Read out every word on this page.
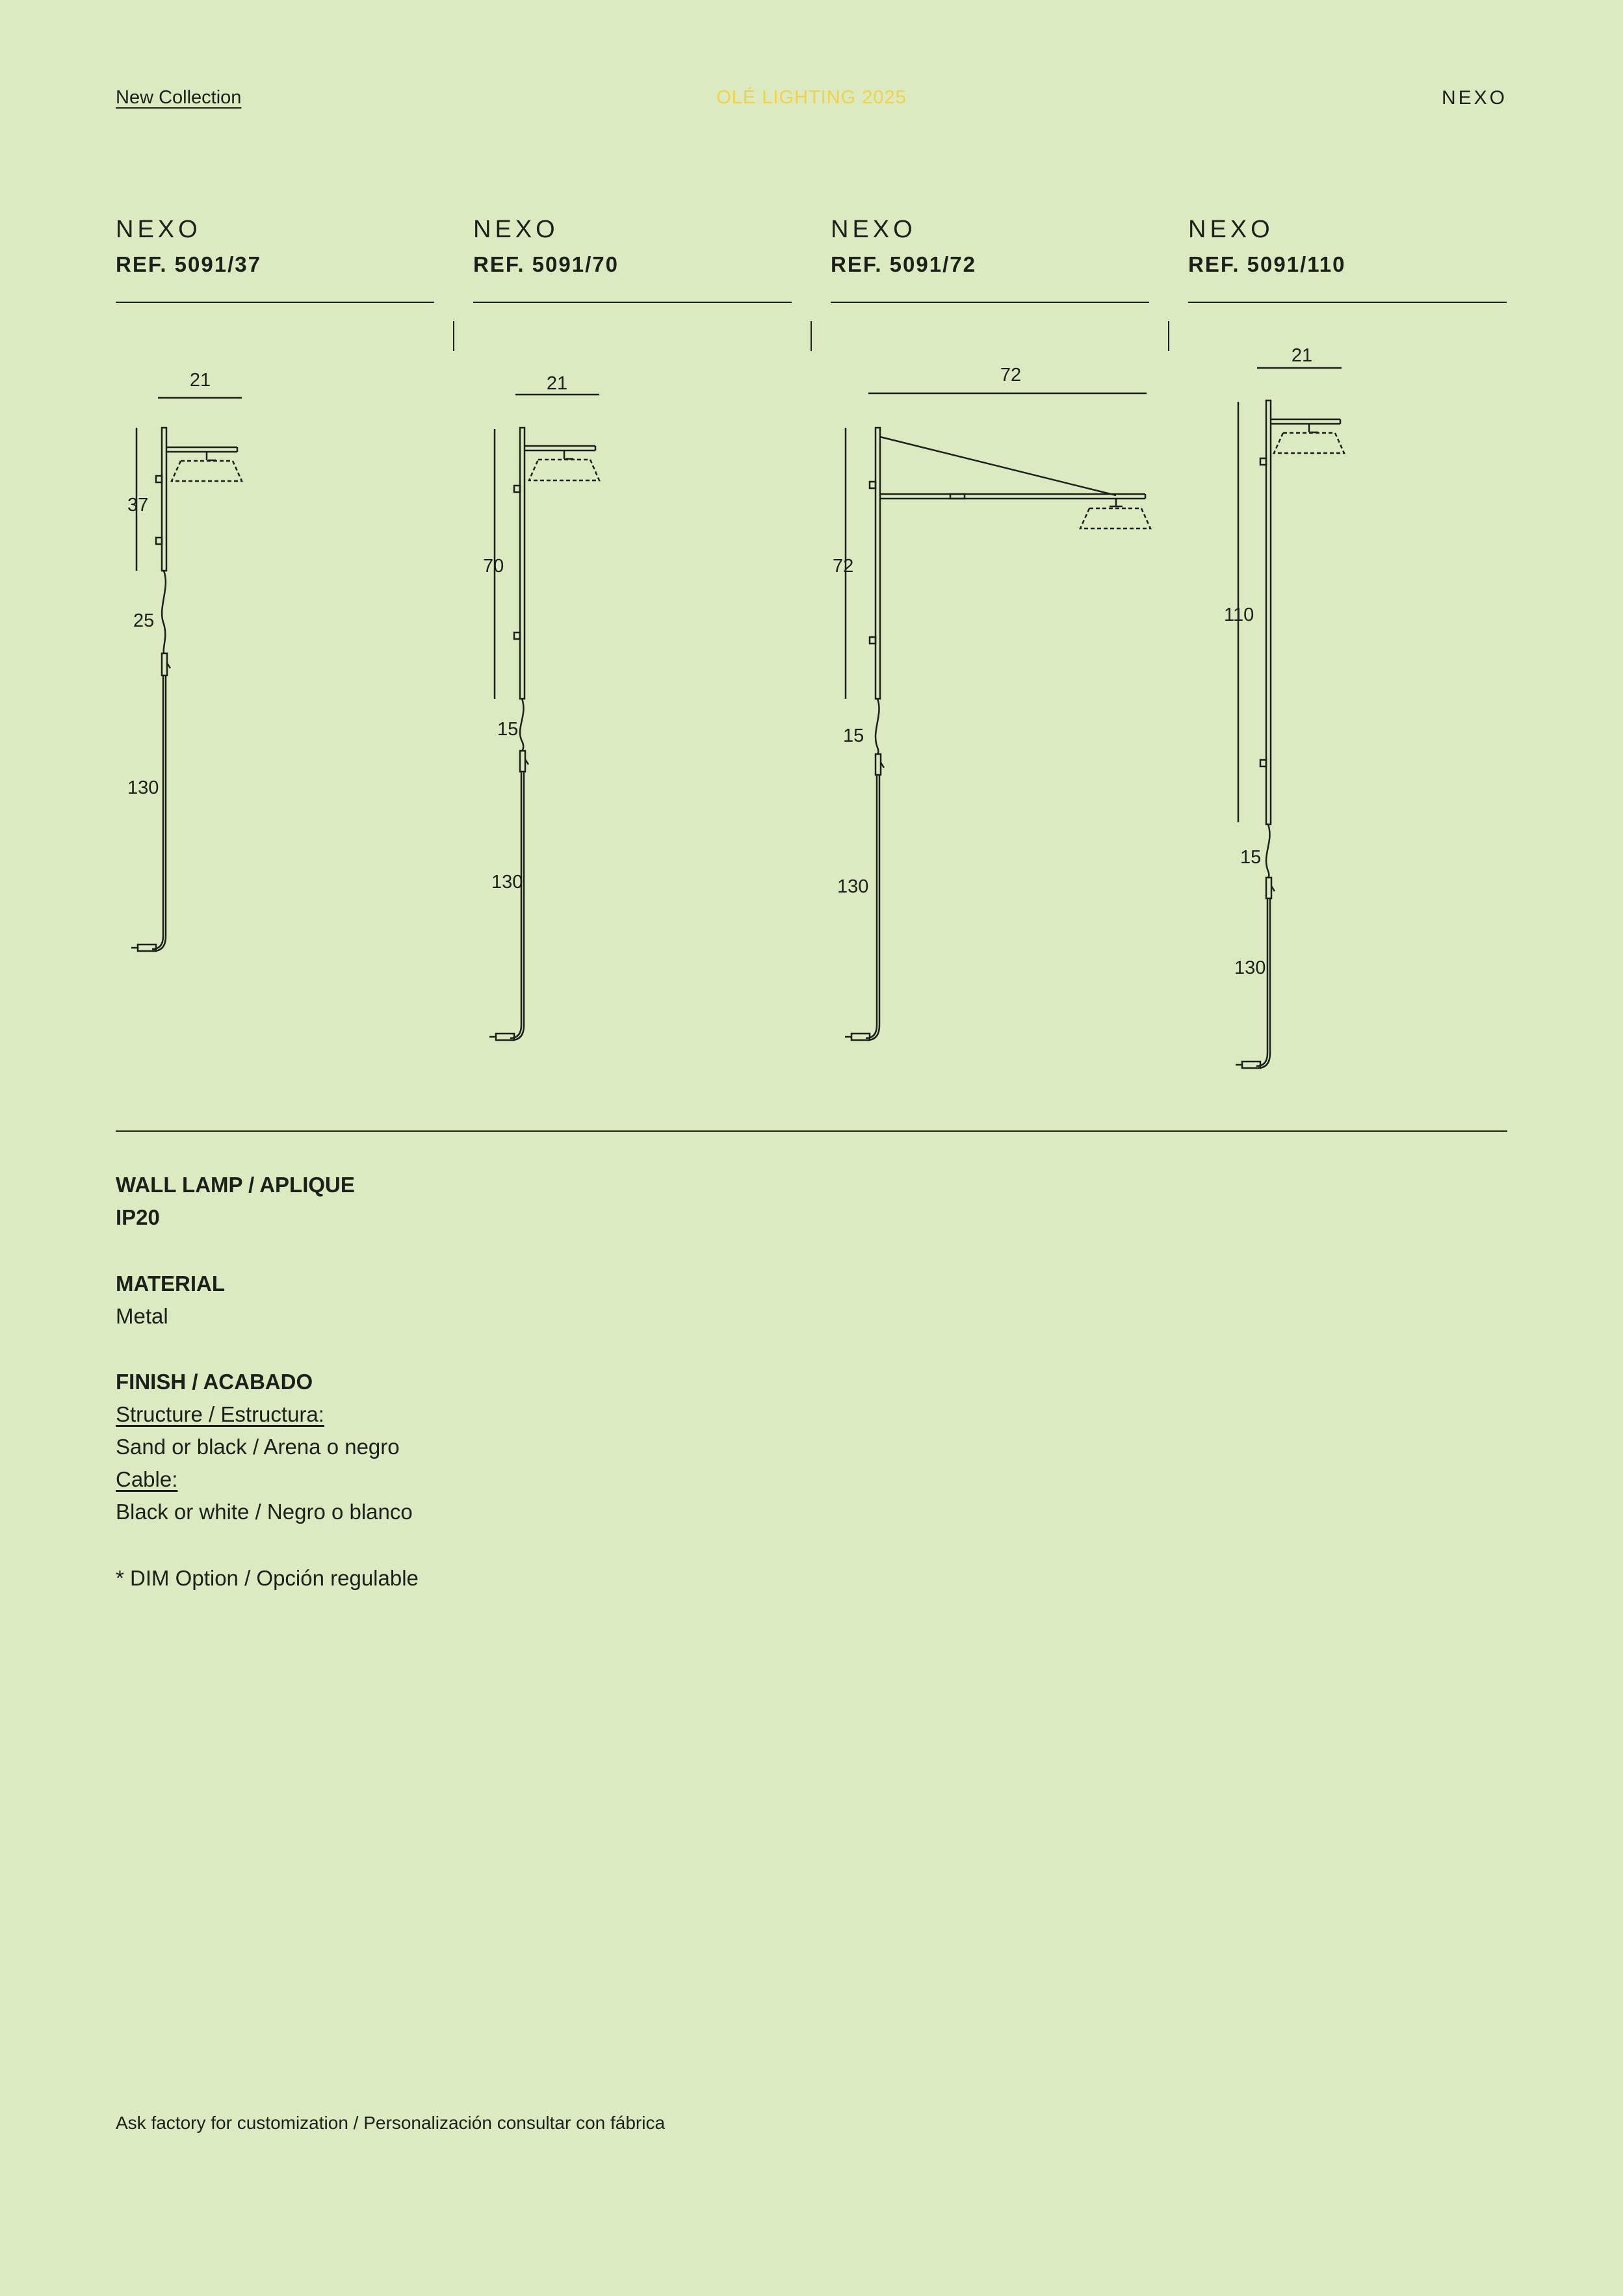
New Collection	OLÉ LIGHTING 2025	NEXO
NEXO
REF. 5091/37
NEXO
REF. 5091/70
NEXO
REF. 5091/72
NEXO
REF. 5091/110
21
37
25
130
21
70
15
130
72
72
15
130
21
110
15
130
WALL LAMP / APLIQUE
IP20
MATERIAL
Metal
FINISH / ACABADO
Structure / Estructura:
Sand or black / Arena o negro
Cable:
Black or white / Negro o blanco
* DIM Option / Opción regulable
Ask factory for customization / Personalización consultar con fábrica
